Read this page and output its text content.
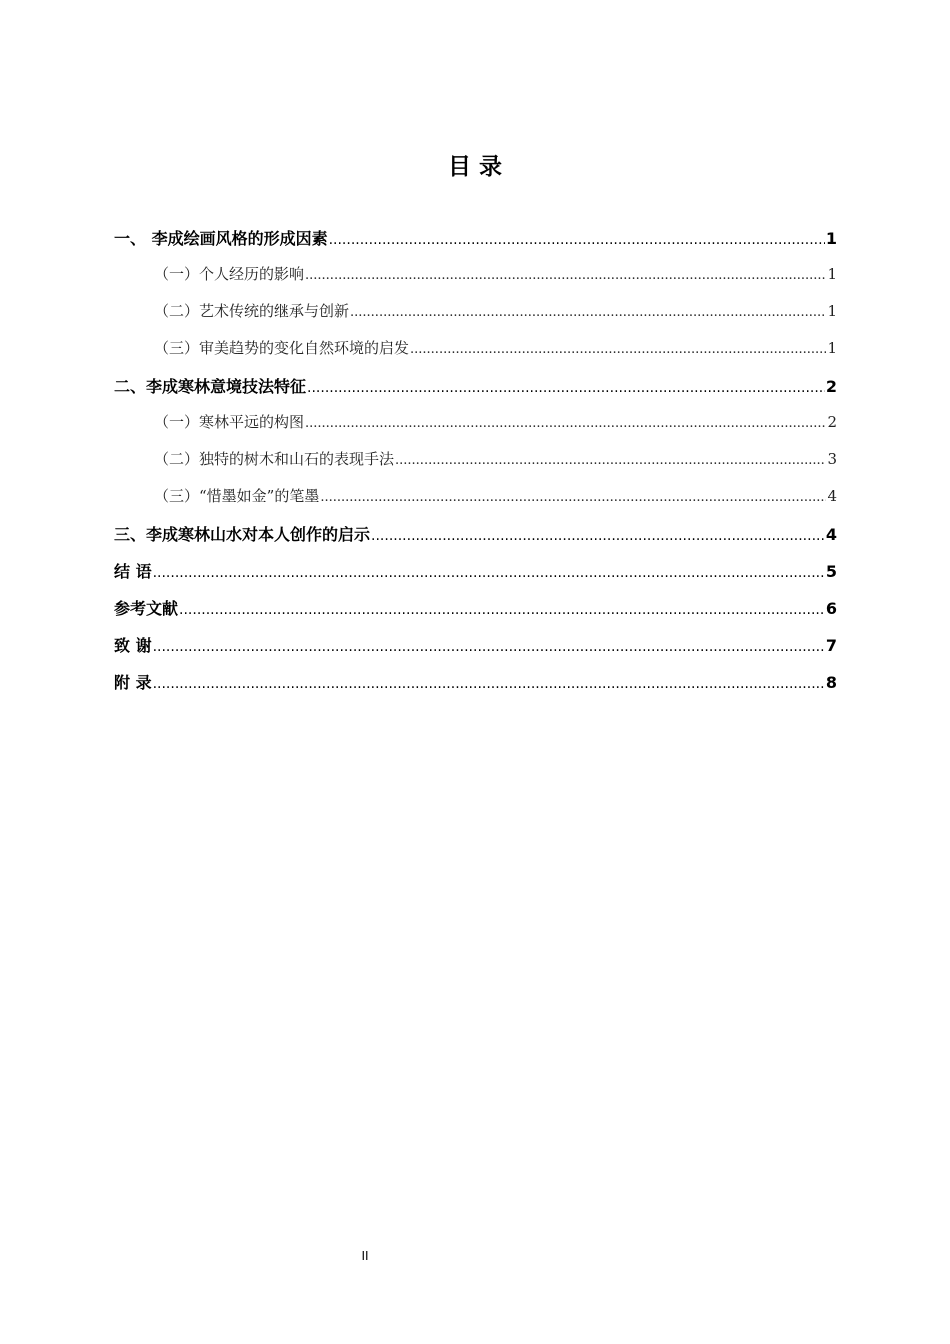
目 录
一、 李成绘画风格的形成因素 .....	1
（一）个人经历的影响 .....	1
（二）艺术传统的继承与创新 .....	1
（三）审美趋势的变化自然环境的启发 .....	1
二、李成寒林意境技法特征 .....	2
（一）寒林平远的构图 .....	2
（二）独特的树木和山石的表现手法 .....	3
（三）“惜墨如金”的笔墨 .....	4
三、李成寒林山水对本人创作的启示 .....	4
结 语 .....	5
参考文献 .....	6
致 谢 .....	7
附 录 .....	8
II
